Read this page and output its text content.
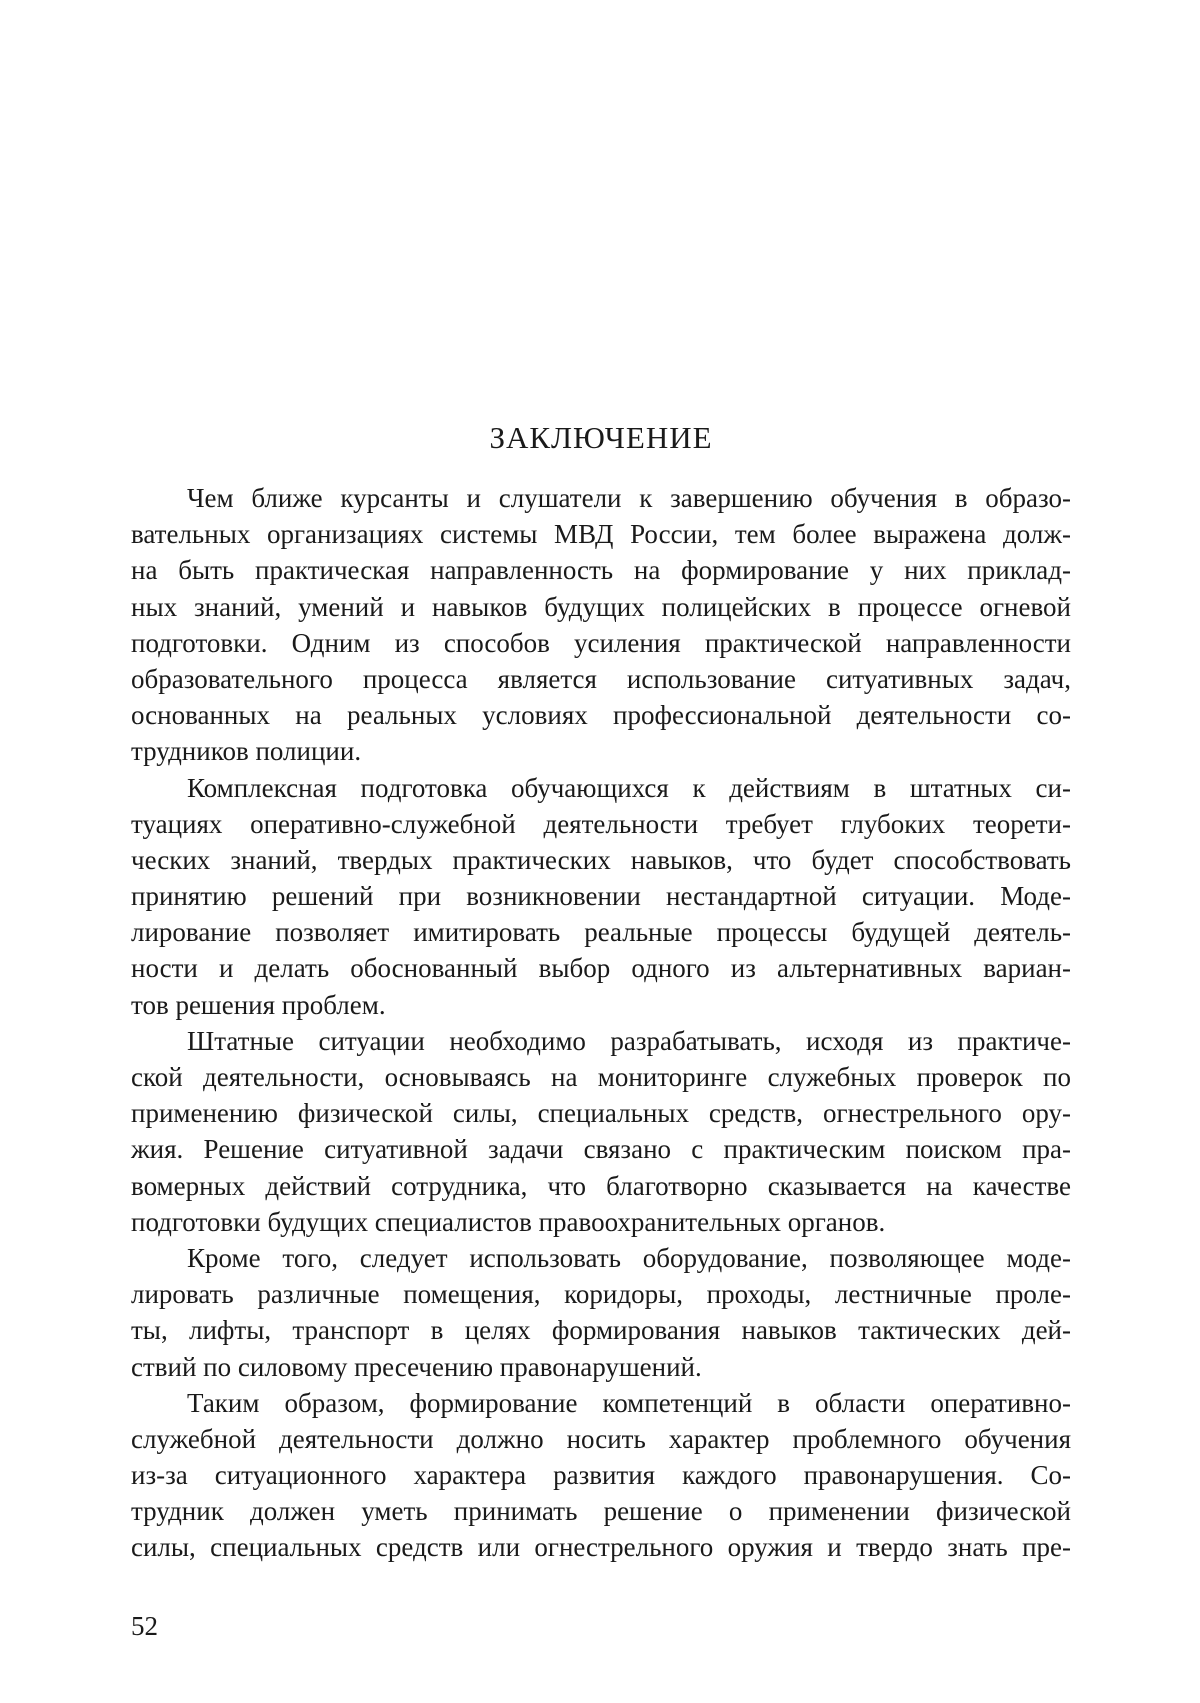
ЗАКЛЮЧЕНИЕ
Чем ближе курсанты и слушатели к завершению обучения в образо-
вательных организациях системы МВД России, тем более выражена долж-
на быть практическая направленность на формирование у них приклад-
ных знаний, умений и навыков будущих полицейских в процессе огневой
подготовки. Одним из способов усиления практической направленности
образовательного процесса является использование ситуативных задач,
основанных на реальных условиях профессиональной деятельности со-
трудников полиции.
Комплексная подготовка обучающихся к действиям в штатных си-
туациях оперативно-служебной деятельности требует глубоких теорети-
ческих знаний, твердых практических навыков, что будет способствовать
принятию решений при возникновении нестандартной ситуации. Моде-
лирование позволяет имитировать реальные процессы будущей деятель-
ности и делать обоснованный выбор одного из альтернативных вариан-
тов решения проблем.
Штатные ситуации необходимо разрабатывать, исходя из практиче-
ской деятельности, основываясь на мониторинге служебных проверок по
применению физической силы, специальных средств, огнестрельного ору-
жия. Решение ситуативной задачи связано с практическим поиском пра-
вомерных действий сотрудника, что благотворно сказывается на качестве
подготовки будущих специалистов правоохранительных органов.
Кроме того, следует использовать оборудование, позволяющее моде-
лировать различные помещения, коридоры, проходы, лестничные проле-
ты, лифты, транспорт в целях формирования навыков тактических дей-
ствий по силовому пресечению правонарушений.
Таким образом, формирование компетенций в области оперативно-
служебной деятельности должно носить характер проблемного обучения
из-за ситуационного характера развития каждого правонарушения. Со-
трудник должен уметь принимать решение о применении физической
силы, специальных средств или огнестрельного оружия и твердо знать пре-
52
